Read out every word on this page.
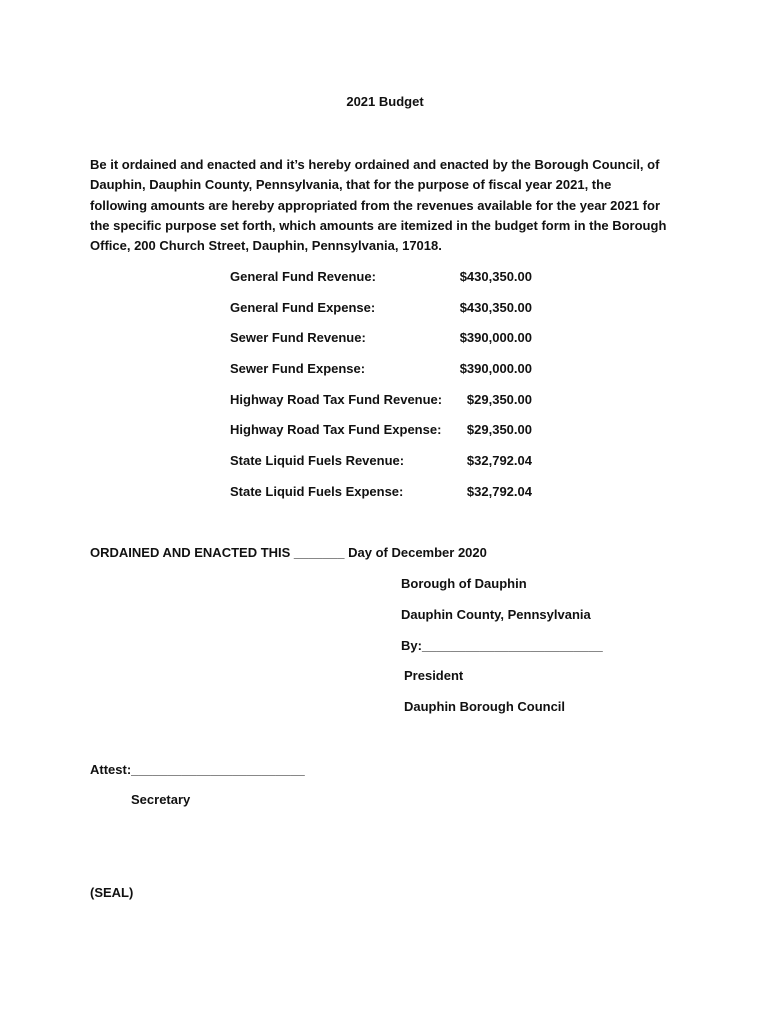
2021 Budget
Be it ordained and enacted and it’s hereby ordained and enacted by the Borough Council, of
Dauphin, Dauphin County, Pennsylvania, that for the purpose of fiscal year 2021, the
following amounts are hereby appropriated from the revenues available for the year 2021 for
the specific purpose set forth, which amounts are itemized in the budget form in the Borough
Office, 200 Church Street, Dauphin, Pennsylvania, 17018.
General Fund Revenue:	$430,350.00
General Fund Expense:	$430,350.00
Sewer Fund Revenue:	$390,000.00
Sewer Fund Expense:	$390,000.00
Highway Road Tax Fund Revenue: $29,350.00
Highway Road Tax Fund Expense: $29,350.00
State Liquid Fuels Revenue:	$32,792.04
State Liquid Fuels Expense:	$32,792.04
ORDAINED AND ENACTED THIS _______ Day of December 2020
Borough of Dauphin
Dauphin County, Pennsylvania
By:_________________________
President
Dauphin Borough Council
Attest:________________________
Secretary
(SEAL)
